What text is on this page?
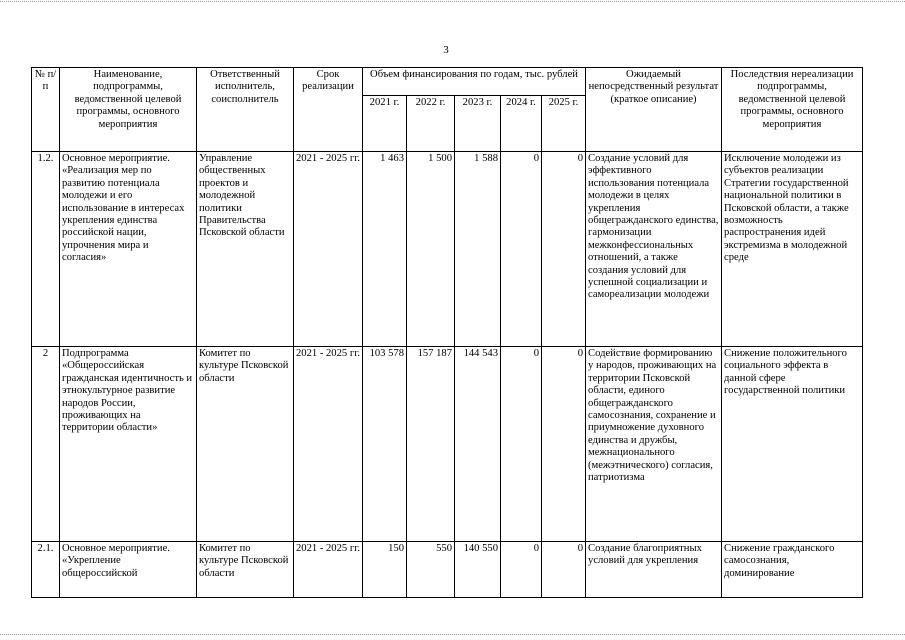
3
№ п/п	Наименование, подпрограммы, ведомственной целевой программы, основного мероприятия	Ответственный исполнитель, соисполнитель	Срок реализации	Объем финансирования по годам, тыс. рублей					Ожидаемый непосредственный результат (краткое описание)	Последствия нереализации подпрограммы, ведомственной целевой программы, основного мероприятия
				2021 г.	2022 г.	2023 г.	2024 г.	2025 г.		
1.2.	Основное мероприятие. «Реализация мер по развитию потенциала молодежи и его использование в интересах укрепления единства российской нации, упрочнения мира и согласия»	Управление общественных проектов и молодежной политики Правительства Псковской области	2021 - 2025 гг.	1 463	1 500	1 588	0	0	Создание условий для эффективного использования потенциала молодежи в целях укрепления общегражданского единства, гармонизации межконфессиональных отношений, а также создания условий для успешной социализации и самореализации молодежи	Исключение молодежи из субъектов реализации Стратегии государственной национальной политики в Псковской области, а также возможность распространения идей экстремизма в молодежной среде
2	Подпрограмма «Общероссийская гражданская идентичность и этнокультурное развитие народов России, проживающих на территории области»	Комитет по культуре Псковской области	2021 - 2025 гг.	103 578	157 187	144 543	0	0	Содействие формированию у народов, проживающих на территории Псковской области, единого общегражданского самосознания, сохранение и приумножение духовного единства и дружбы, межнационального (межэтнического) согласия, патриотизма	Снижение положительного социального эффекта в данной сфере государственной политики
2.1.	Основное мероприятие. «Укрепление общероссийской	Комитет по культуре Псковской области	2021 - 2025 гг.	150	550	140 550	0	0	Создание благоприятных условий для укрепления	Снижение гражданского самосознания, доминирование
